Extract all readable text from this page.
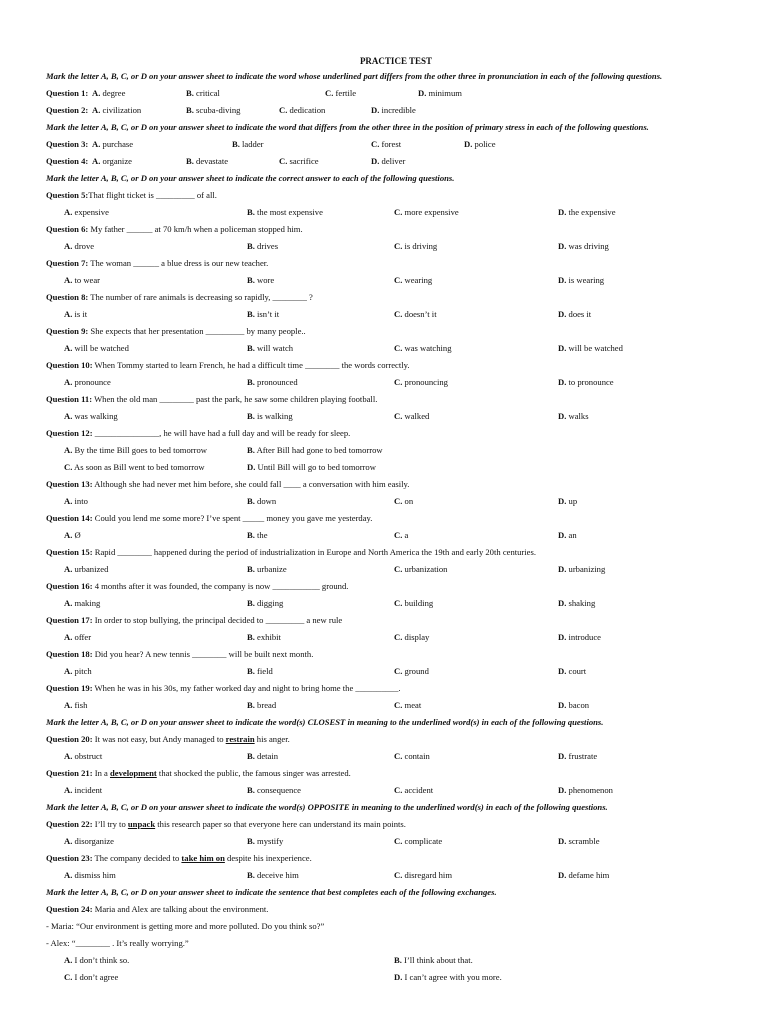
PRACTICE TEST
Mark the letter A, B, C, or D on your answer sheet to indicate the word whose underlined part differs from the other three in pronunciation in each of the following questions.
Question 1: A. degree	B. critical	C. fertile	D. minimum
Question 2: A. civilization	B. scuba-diving	C. dedication	D. incredible
Mark the letter A, B, C, or D on your answer sheet to indicate the word that differs from the other three in the position of primary stress in each of the following questions.
Question 3: A. purchase	B. ladder	C. forest	D. police
Question 4: A. organize	B. devastate	C. sacrifice	D. deliver
Mark the letter A, B, C, or D on your answer sheet to indicate the correct answer to each of the following questions.
Question 5:That flight ticket is _________ of all.
A. expensive	B. the most expensive	C. more expensive	D. the expensive
Question 6: My father ______ at 70 km/h when a policeman stopped him.
A. drove	B. drives	C. is driving	D. was driving
Question 7: The woman ______ a blue dress is our new teacher.
A. to wear	B. wore	C. wearing	D. is wearing
Question 8: The number of rare animals is decreasing so rapidly, ________ ?
A. is it	B. isn’t it	C. doesn’t it	D. does it
Question 9: She expects that her presentation _________ by many people..
A. will be watched	B. will watch	C. was watching	D. will be watched
Question 10: When Tommy started to learn French, he had a difficult time ________ the words correctly.
A. pronounce	B. pronounced	C. pronouncing	D. to pronounce
Question 11: When the old man ________ past the park, he saw some children playing football.
A. was walking	B. is walking	C. walked	D. walks
Question 12: _______________, he will have had a full day and will be ready for sleep.
A. By the time Bill goes to bed tomorrow	B. After Bill had gone to bed tomorrow
C. As soon as Bill went to bed tomorrow	D. Until Bill will go to bed tomorrow
Question 13: Although she had never met him before, she could fall ____ a conversation with him easily.
A. into	B. down	C. on	D. up
Question 14: Could you lend me some more? I’ve spent _____ money you gave me yesterday.
A. Ø	B. the	C. a	D. an
Question 15: Rapid ________ happened during the period of industrialization in Europe and North America the 19th and early 20th centuries.
A. urbanized	B. urbanize	C. urbanization	D. urbanizing
Question 16: 4 months after it was founded, the company is now ___________ ground.
A. making	B. digging	C. building	D. shaking
Question 17: In order to stop bullying, the principal decided to _________ a new rule
A. offer	B. exhibit	C. display	D. introduce
Question 18: Did you hear? A new tennis ________ will be built next month.
A. pitch	B. field	C. ground	D. court
Question 19: When he was in his 30s, my father worked day and night to bring home the __________.
A. fish	B. bread	C. meat	D. bacon
Mark the letter A, B, C, or D on your answer sheet to indicate the word(s) CLOSEST in meaning to the underlined word(s) in each of the following questions.
Question 20: It was not easy, but Andy managed to restrain his anger.
A. obstruct	B. detain	C. contain	D. frustrate
Question 21: In a development that shocked the public, the famous singer was arrested.
A. incident	B. consequence	C. accident	D. phenomenon
Mark the letter A, B, C, or D on your answer sheet to indicate the word(s) OPPOSITE in meaning to the underlined word(s) in each of the following questions.
Question 22: I’ll try to unpack this research paper so that everyone here can understand its main points.
A. disorganize	B. mystify	C. complicate	D. scramble
Question 23: The company decided to take him on despite his inexperience.
A. dismiss him	B. deceive him	C. disregard him	D. defame him
Mark the letter A, B, C, or D on your answer sheet to indicate the sentence that best completes each of the following exchanges.
Question 24: Maria and Alex are talking about the environment.
- Maria: “Our environment is getting more and more polluted. Do you think so?”
- Alex: “________ . It’s really worrying.”
A. I don’t think so.	B. I’ll think about that.
C. I don’t agree	D. I can’t agree with you more.
